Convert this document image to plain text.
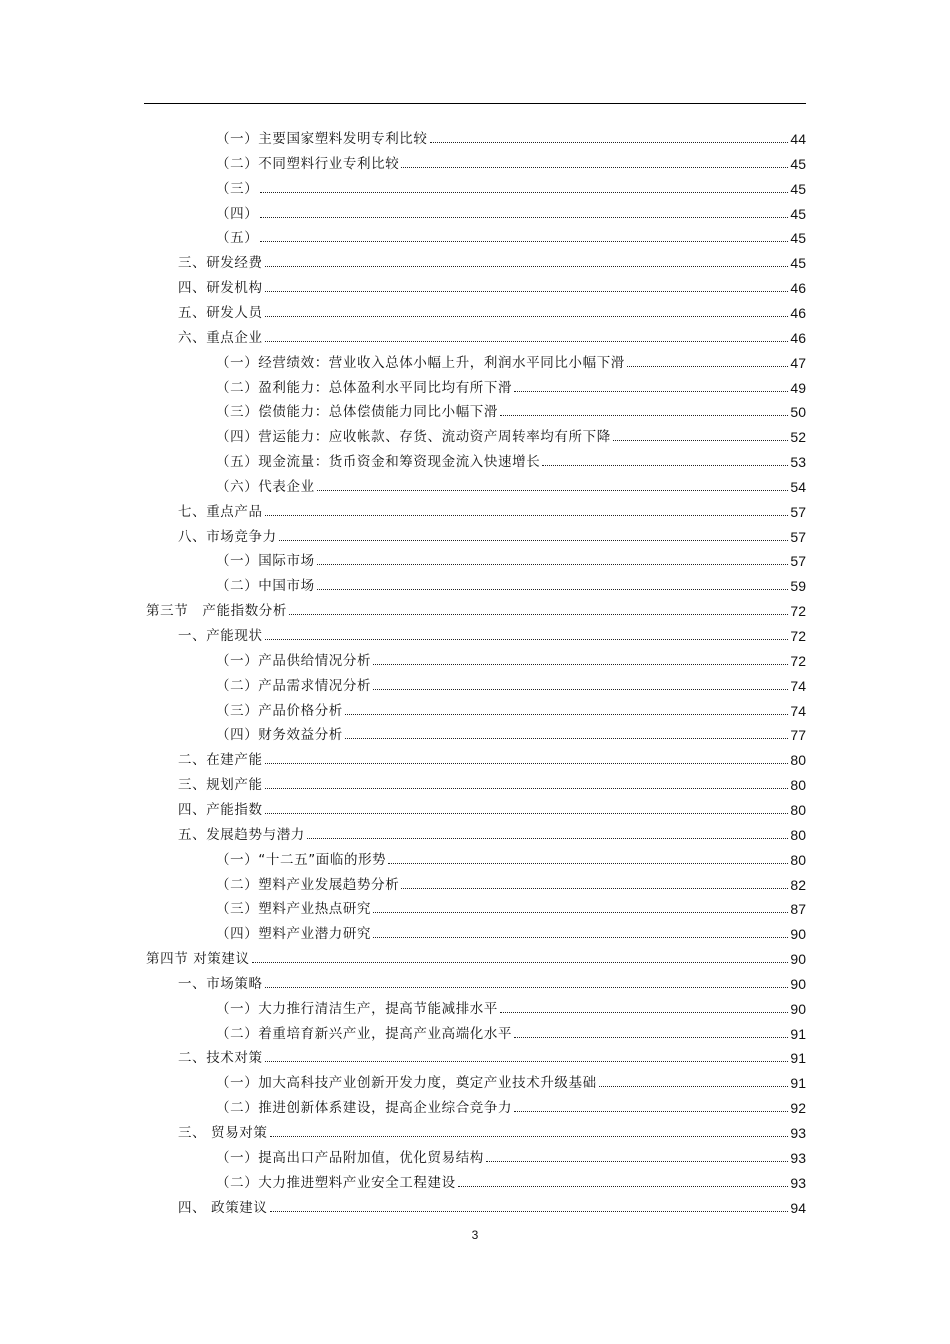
（一）主要国家塑料发明专利比较	44
（二）不同塑料行业专利比较	45
（三）	45
（四）	45
（五）	45
三、研发经费	45
四、研发机构	46
五、研发人员	46
六、重点企业	46
（一）经营绩效：营业收入总体小幅上升，利润水平同比小幅下滑	47
（二）盈利能力：总体盈利水平同比均有所下滑	49
（三）偿债能力：总体偿债能力同比小幅下滑	50
（四）营运能力：应收帐款、存货、流动资产周转率均有所下降	52
（五）现金流量：货币资金和筹资现金流入快速增长	53
（六）代表企业	54
七、重点产品	57
八、市场竞争力	57
（一）国际市场	57
（二）中国市场	59
第三节　产能指数分析	72
一、产能现状	72
（一）产品供给情况分析	72
（二）产品需求情况分析	74
（三）产品价格分析	74
（四）财务效益分析	77
二、在建产能	80
三、规划产能	80
四、产能指数	80
五、发展趋势与潜力	80
（一）“十二五”面临的形势	80
（二）塑料产业发展趋势分析	82
（三）塑料产业热点研究	87
（四）塑料产业潜力研究	90
第四节 对策建议	90
一、市场策略	90
（一）大力推行清洁生产，提高节能减排水平	90
（二）着重培育新兴产业，提高产业高端化水平	91
二、技术对策	91
（一）加大高科技产业创新开发力度，奠定产业技术升级基础	91
（二）推进创新体系建设，提高企业综合竞争力	92
三、 贸易对策	93
（一）提高出口产品附加值，优化贸易结构	93
（二）大力推进塑料产业安全工程建设	93
四、 政策建议	94
3
